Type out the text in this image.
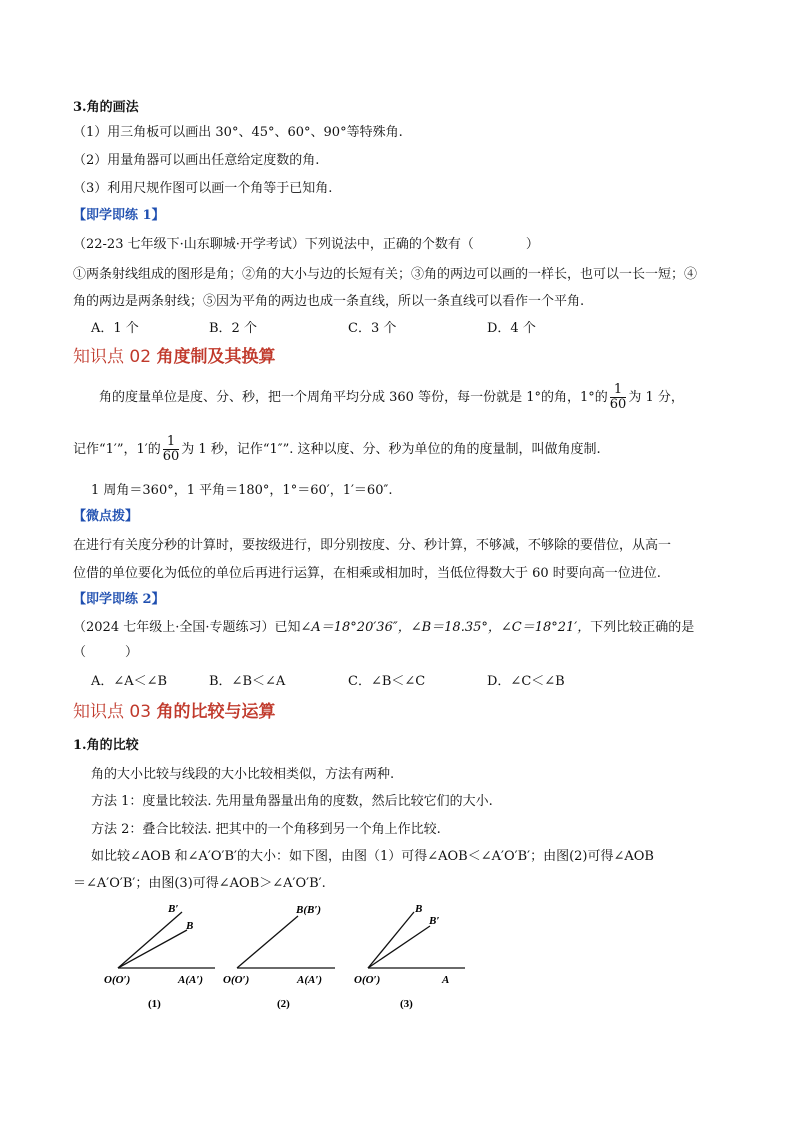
3.角的画法
（1）用三角板可以画出 30°、45°、60°、90°等特殊角.
（2）用量角器可以画出任意给定度数的角.
（3）利用尺规作图可以画一个角等于已知角.
【即学即练 1】
（22-23 七年级下·山东聊城·开学考试）下列说法中，正确的个数有（　　　　）
①两条射线组成的图形是角；②角的大小与边的长短有关；③角的两边可以画的一样长，也可以一长一短；④
角的两边是两条射线；⑤因为平角的两边也成一条直线，所以一条直线可以看作一个平角.
A．1 个	B．2 个	C．3 个	D．4 个
知识点 02 角度制及其换算
角的度量单位是度、分、秒，把一个周角平均分成 360 等份，每一份就是 1°的角，1°的 $\frac{1}{60}$ 为 1 分，
记作“1′”，1′的 $\frac{1}{60}$ 为 1 秒，记作“1″”. 这种以度、分、秒为单位的角的度量制，叫做角度制.
1 周角＝360°，1 平角＝180°，1°＝60′，1′＝60″.
【微点拨】
在进行有关度分秒的计算时，要按级进行，即分别按度、分、秒计算，不够减，不够除的要借位，从高一
位借的单位要化为低位的单位后再进行运算，在相乘或相加时，当低位得数大于 60 时要向高一位进位.
【即学即练 2】
（2024 七年级上·全国·专题练习）已知∠A＝18°20′36″，∠B＝18.35°，∠C＝18°21′，下列比较正确的是
（　　　）
A．∠A＜∠B	B．∠B＜∠A	C．∠B＜∠C	D．∠C＜∠B
知识点 03 角的比较与运算
1.角的比较
角的大小比较与线段的大小比较相类似，方法有两种.
方法 1：度量比较法. 先用量角器量出角的度数，然后比较它们的大小.
方法 2：叠合比较法. 把其中的一个角移到另一个角上作比较.
如比较∠AOB 和∠A′O′B′的大小：如下图，由图（1）可得∠AOB＜∠A′O′B′；由图(2)可得∠AOB
＝∠A′O′B′；由图(3)可得∠AOB＞∠A′O′B′.
B′
B
O(O′)	A(A′)
(1)
B(B′)
O(O′)	A(A′)
(2)
B
B′
O(O′)	A
(3)
